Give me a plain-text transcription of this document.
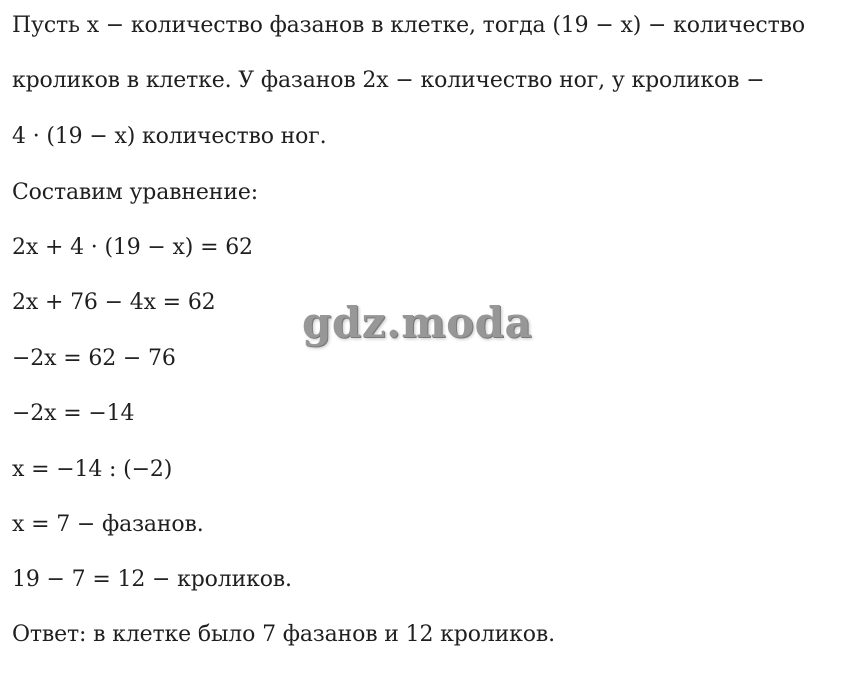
Пусть x − количество фазанов в клетке, тогда (19 − x) − количество
кроликов в клетке. У фазанов 2x − количество ног, у кроликов −
4 · (19 − x) количество ног.
Составим уравнение:
2x + 4 · (19 − x) = 62
2x + 76 − 4x = 62
−2x = 62 − 76
−2x = −14
x = −14 : (−2)
x = 7 − фазанов.
19 − 7 = 12 − кроликов.
Ответ: в клетке было 7 фазанов и 12 кроликов.
gdz.moda
